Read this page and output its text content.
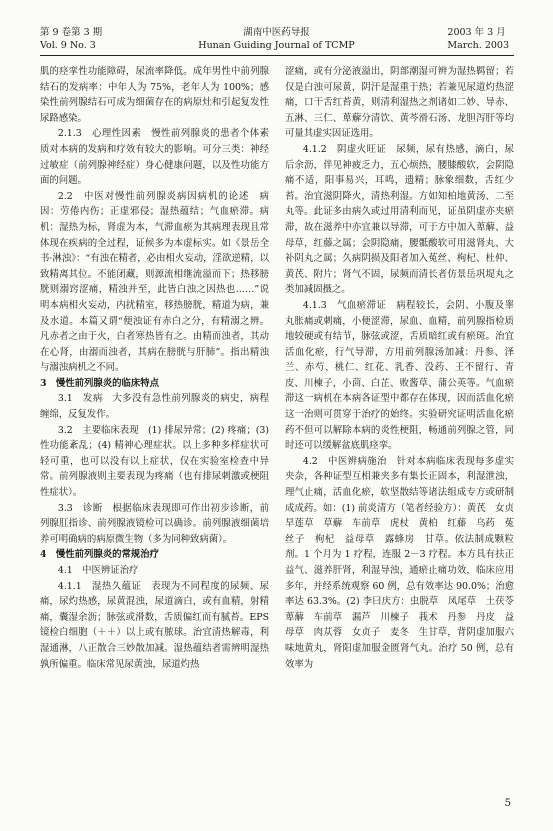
第 9 卷第 3 期
Vol. 9 No. 3
湖南中医药导报
Hunan Guiding Journal of TCMP
2003 年 3 月
March. 2003

肌的痉挛性功能障碍，尿流率降低。成年男性中前列腺结石的发病率：中年人为 75%，老年人为 100%；感染性前列腺结石可成为细菌存在的病原灶和引起复发性尿路感染。

2.1.3　心理性因素　慢性前列腺炎的患者个体素质对本病的发病和疗效有较大的影响。可分三类：神经过敏症（前列腺神经症）身心健康问题，以及性功能方面的问题。

2.2　中医对慢性前列腺炎病因病机的论述　病因：劳倦内伤；正虚邪侵；湿热蕴结；气血瘀滞。病机：湿热为标，肾虚为本，气滞血瘀为其病理表现且常体现在疾病的全过程，证候多为本虚标实。如《景岳全书·淋浊》：“有浊在精者，必由相火妄动，淫欲逆精，以致精离其位。不能闭藏，则源流相继流溢而下；热移膀胱则溺窍涩痛，精浊并至，此皆白浊之因热也……”说明本病相火妄动，内扰精室，移热膀胱，精道为病，兼及水道。本篇又谓“便浊证有赤白之分，有精溺之辨。凡赤者之由于火，白者寒热皆有之。由精而浊者，其动在心肾，由溺而浊者，其病在膀胱与肝肺”。指出精浊与溺浊病机之不同。

3　慢性前列腺炎的临床特点

3.1　发病　大多没有急性前列腺炎的病史，病程缠绵，反复发作。

3.2　主要临床表现　(1) 排尿异常；(2) 疼痛；(3) 性功能紊乱；(4) 精神心理症状。以上多种多样症状可轻可重，也可以没有以上症状，仅在实验室检查中异常。前列腺液则主要表现为疼痛（也有排尿刺激或梗阻性症状）。

3.3　诊断　根据临床表现即可作出初步诊断，前列腺肛指诊、前列腺液镜检可以确诊。前列腺液细菌培养可明确病的病原微生物（多为同种致病菌）。

4　慢性前列腺炎的常规治疗

4.1　中医辨证治疗

4.1.1　湿热久蕴证　表现为不同程度的尿频、尿痛，尿灼热感，尿黄混浊，尿道滴白，或有血精，射精痛，囊湿余沥；脉弦或滑数，舌质偏红而有腻苔。EPS 镜检白细胞（＋＋）以上或有脓球。治宜清热解毒，利湿通淋，八正散合三妙散加减。湿热蕴结者需辨明湿热孰所偏重。临床常见尿黄浊，尿道灼热

涩痛，或有分泌液溢出，阴部潮湿可辨为湿热羁留；若仅是白浊可尿黄，阴汗是湿重于热；若兼见尿道灼热涩痛，口干舌红苔黄，则清利湿热之剂诸如二妙、导赤、五淋、三仁、萆薢分清饮、黄芩滑石汤、龙胆泻肝等均可量其虚实因证选用。

4.1.2　阴虚火旺证　尿频，尿有热感，滴白，尿后余沥，伴见神疲乏力，五心烦热，腰膝酸软，会阴隐痛不适，阳事易兴，耳鸣，遗精；脉象细数，舌红少苔。治宜滋阴降火，清热利湿。方如知柏地黄汤、二至丸等。此证多由病久或过用清利而见，证虽阴虚亦夹瘀滞，故在滋养中亦宜兼以导滞，可于方中加入萆薢、益母草，红藤之属；会阴隐痛，腰骶酸软可用滋肾丸、大补阴丸之属；久病阴损及阳者加入菟丝、枸杞、杜仲、黄芪、附片；肾气不固，尿频而清长者仿景岳巩堤丸之类加减固摄之。

4.1.3　气血瘀滞证　病程较长，会阴、小腹及睾丸胀痛或刺痛，小便涩滞，尿血、血精，前列腺指检质地较硬或有结节，脉弦或涩，舌质暗红或有瘀斑。治宜活血化瘀，行气导滞，方用前列腺汤加减：丹参、泽兰、赤芍、桃仁、红花、乳香、没药、王不留行、青皮、川楝子，小茴、白芷、败酱草、蒲公英等。气血瘀滞这一病机在本病各证型中都存在体现，因而活血化瘀这一治则可贯穿于治疗的始终。实验研究证明活血化瘀药不但可以解除本病的炎性梗阻，畅通前列腺之管，同时还可以缓解盆底肌痉挛。

4.2　中医辨病施治　针对本病临床表现每多虚实夹杂，各种证型互相兼夹多有集长正固本，利湿泄浊，理气止痛，活血化瘀，软坚散结等诸法组成专方或研制成成药。如：(1) 前炎清方（笔者经验方）：黄芪　女贞　旱莲草　草薢　车前草　虎杖　黄柏　红藤　乌药　菟丝子　枸杞　益母草　露蜂房　甘草。依法制成颗粒剂。1 个月为 1 疗程，连服 2－3 疗程。本方具有扶正益气、滋养肝肾，利湿导浊，通瘀止痛功效，临床应用多年，并经系统观察 60 例，总有效率达 90.0%；治愈率达 63.3%。(2) 李曰庆方：虫脱草　凤尾草　土茯苓　萆薢　车前草　漏芦　川楝子　莪术　丹参　丹皮　益母草　肉苁蓉　女贞子　麦冬　生甘草，背阴虚加服六味地黄丸，肾阳虚加服金匮肾气丸。治疗 50 例，总有效率为

5
